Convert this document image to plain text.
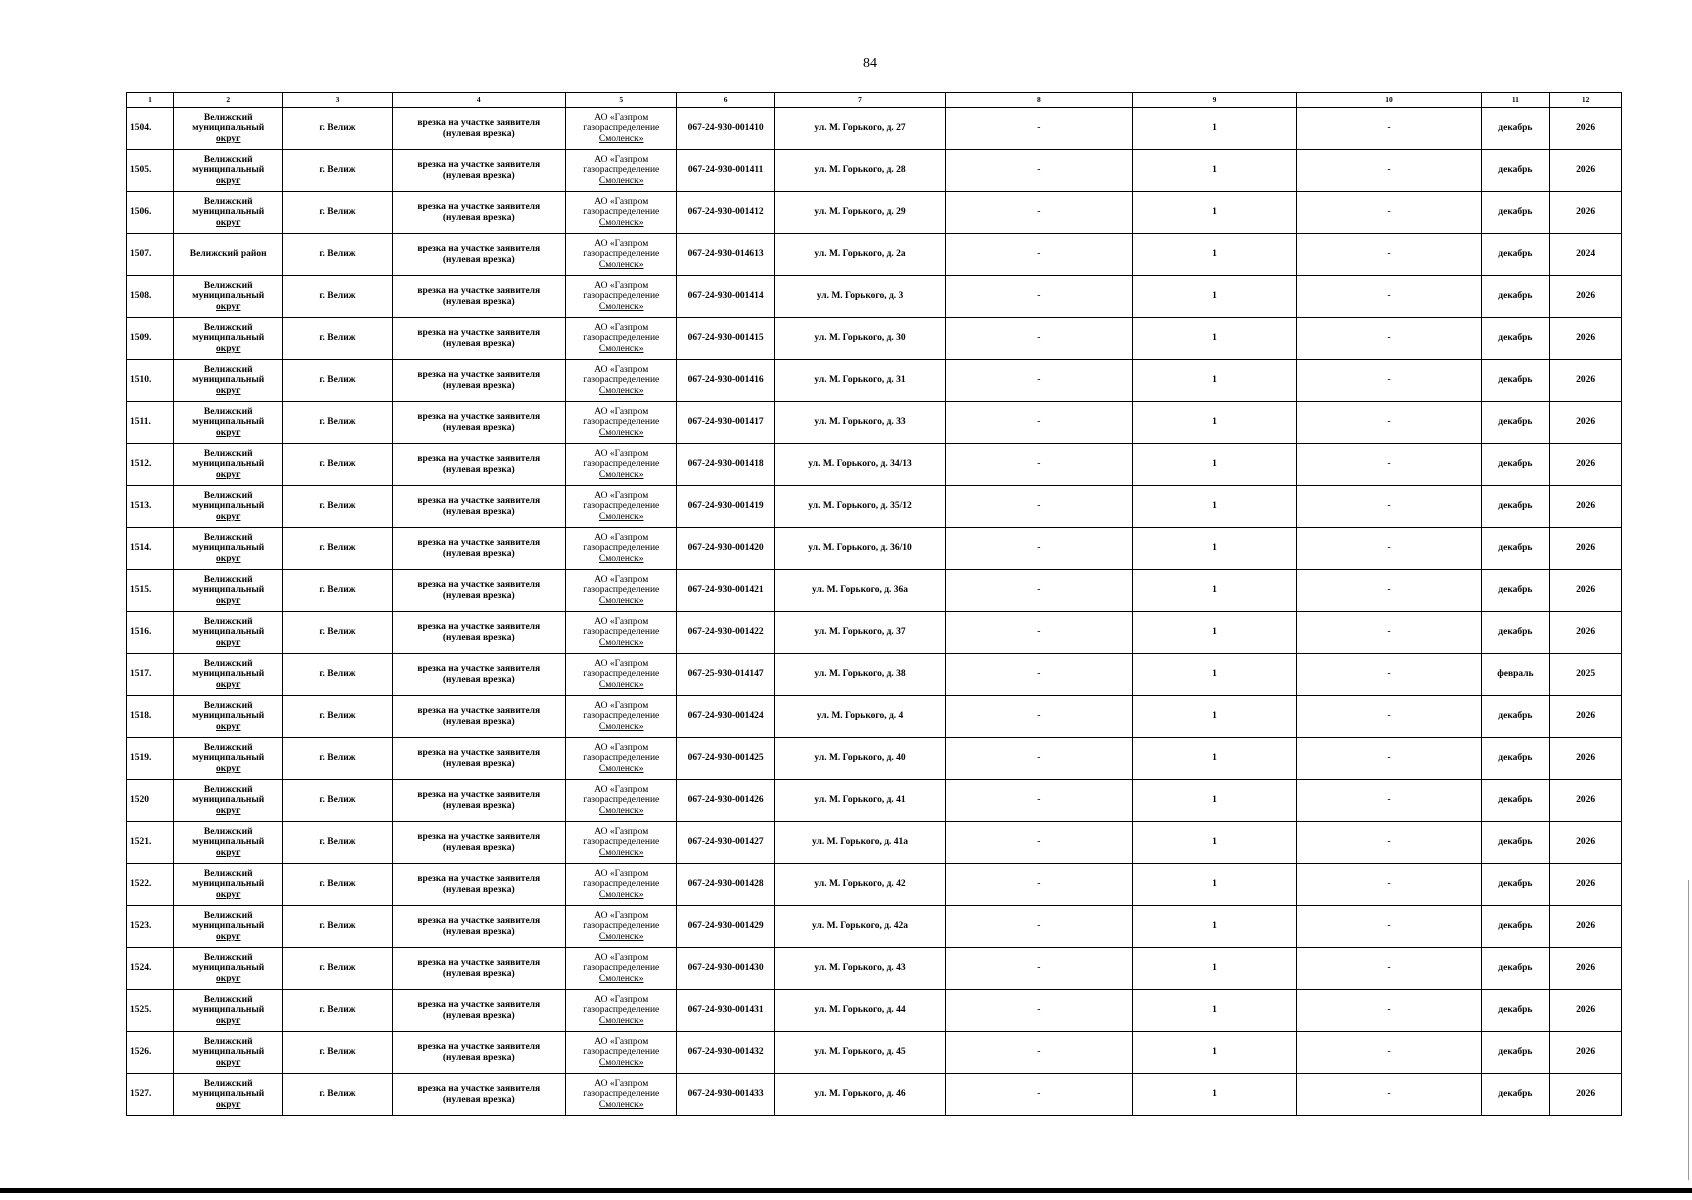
84
1	2	3	4	5	6	7	8	9	10	11	12
1504.	Велижский
муниципальный
округ	г. Велиж	врезка на участке заявителя
(нулевая врезка)	АО «Газпром
газораспределение
Смоленск»	067-24-930-001410	ул. М. Горького, д. 27	-	1	-	декабрь	2026
1505.	Велижский
муниципальный
округ	г. Велиж	врезка на участке заявителя
(нулевая врезка)	АО «Газпром
газораспределение
Смоленск»	067-24-930-001411	ул. М. Горького, д. 28	-	1	-	декабрь	2026
1506.	Велижский
муниципальный
округ	г. Велиж	врезка на участке заявителя
(нулевая врезка)	АО «Газпром
газораспределение
Смоленск»	067-24-930-001412	ул. М. Горького, д. 29	-	1	-	декабрь	2026
1507.	Велижский район	г. Велиж	врезка на участке заявителя
(нулевая врезка)	АО «Газпром
газораспределение
Смоленск»	067-24-930-014613	ул. М. Горького, д. 2а	-	1	-	декабрь	2024
1508.	Велижский
муниципальный
округ	г. Велиж	врезка на участке заявителя
(нулевая врезка)	АО «Газпром
газораспределение
Смоленск»	067-24-930-001414	ул. М. Горького, д. 3	-	1	-	декабрь	2026
1509.	Велижский
муниципальный
округ	г. Велиж	врезка на участке заявителя
(нулевая врезка)	АО «Газпром
газораспределение
Смоленск»	067-24-930-001415	ул. М. Горького, д. 30	-	1	-	декабрь	2026
1510.	Велижский
муниципальный
округ	г. Велиж	врезка на участке заявителя
(нулевая врезка)	АО «Газпром
газораспределение
Смоленск»	067-24-930-001416	ул. М. Горького, д. 31	-	1	-	декабрь	2026
1511.	Велижский
муниципальный
округ	г. Велиж	врезка на участке заявителя
(нулевая врезка)	АО «Газпром
газораспределение
Смоленск»	067-24-930-001417	ул. М. Горького, д. 33	-	1	-	декабрь	2026
1512.	Велижский
муниципальный
округ	г. Велиж	врезка на участке заявителя
(нулевая врезка)	АО «Газпром
газораспределение
Смоленск»	067-24-930-001418	ул. М. Горького, д. 34/13	-	1	-	декабрь	2026
1513.	Велижский
муниципальный
округ	г. Велиж	врезка на участке заявителя
(нулевая врезка)	АО «Газпром
газораспределение
Смоленск»	067-24-930-001419	ул. М. Горького, д. 35/12	-	1	-	декабрь	2026
1514.	Велижский
муниципальный
округ	г. Велиж	врезка на участке заявителя
(нулевая врезка)	АО «Газпром
газораспределение
Смоленск»	067-24-930-001420	ул. М. Горького, д. 36/10	-	1	-	декабрь	2026
1515.	Велижский
муниципальный
округ	г. Велиж	врезка на участке заявителя
(нулевая врезка)	АО «Газпром
газораспределение
Смоленск»	067-24-930-001421	ул. М. Горького, д. 36а	-	1	-	декабрь	2026
1516.	Велижский
муниципальный
округ	г. Велиж	врезка на участке заявителя
(нулевая врезка)	АО «Газпром
газораспределение
Смоленск»	067-24-930-001422	ул. М. Горького, д. 37	-	1	-	декабрь	2026
1517.	Велижский
муниципальный
округ	г. Велиж	врезка на участке заявителя
(нулевая врезка)	АО «Газпром
газораспределение
Смоленск»	067-25-930-014147	ул. М. Горького, д. 38	-	1	-	февраль	2025
1518.	Велижский
муниципальный
округ	г. Велиж	врезка на участке заявителя
(нулевая врезка)	АО «Газпром
газораспределение
Смоленск»	067-24-930-001424	ул. М. Горького, д. 4	-	1	-	декабрь	2026
1519.	Велижский
муниципальный
округ	г. Велиж	врезка на участке заявителя
(нулевая врезка)	АО «Газпром
газораспределение
Смоленск»	067-24-930-001425	ул. М. Горького, д. 40	-	1	-	декабрь	2026
1520	Велижский
муниципальный
округ	г. Велиж	врезка на участке заявителя
(нулевая врезка)	АО «Газпром
газораспределение
Смоленск»	067-24-930-001426	ул. М. Горького, д. 41	-	1	-	декабрь	2026
1521.	Велижский
муниципальный
округ	г. Велиж	врезка на участке заявителя
(нулевая врезка)	АО «Газпром
газораспределение
Смоленск»	067-24-930-001427	ул. М. Горького, д. 41а	-	1	-	декабрь	2026
1522.	Велижский
муниципальный
округ	г. Велиж	врезка на участке заявителя
(нулевая врезка)	АО «Газпром
газораспределение
Смоленск»	067-24-930-001428	ул. М. Горького, д. 42	-	1	-	декабрь	2026
1523.	Велижский
муниципальный
округ	г. Велиж	врезка на участке заявителя
(нулевая врезка)	АО «Газпром
газораспределение
Смоленск»	067-24-930-001429	ул. М. Горького, д. 42а	-	1	-	декабрь	2026
1524.	Велижский
муниципальный
округ	г. Велиж	врезка на участке заявителя
(нулевая врезка)	АО «Газпром
газораспределение
Смоленск»	067-24-930-001430	ул. М. Горького, д. 43	-	1	-	декабрь	2026
1525.	Велижский
муниципальный
округ	г. Велиж	врезка на участке заявителя
(нулевая врезка)	АО «Газпром
газораспределение
Смоленск»	067-24-930-001431	ул. М. Горького, д. 44	-	1	-	декабрь	2026
1526.	Велижский
муниципальный
округ	г. Велиж	врезка на участке заявителя
(нулевая врезка)	АО «Газпром
газораспределение
Смоленск»	067-24-930-001432	ул. М. Горького, д. 45	-	1	-	декабрь	2026
1527.	Велижский
муниципальный
округ	г. Велиж	врезка на участке заявителя
(нулевая врезка)	АО «Газпром
газораспределение
Смоленск»	067-24-930-001433	ул. М. Горького, д. 46	-	1	-	декабрь	2026
